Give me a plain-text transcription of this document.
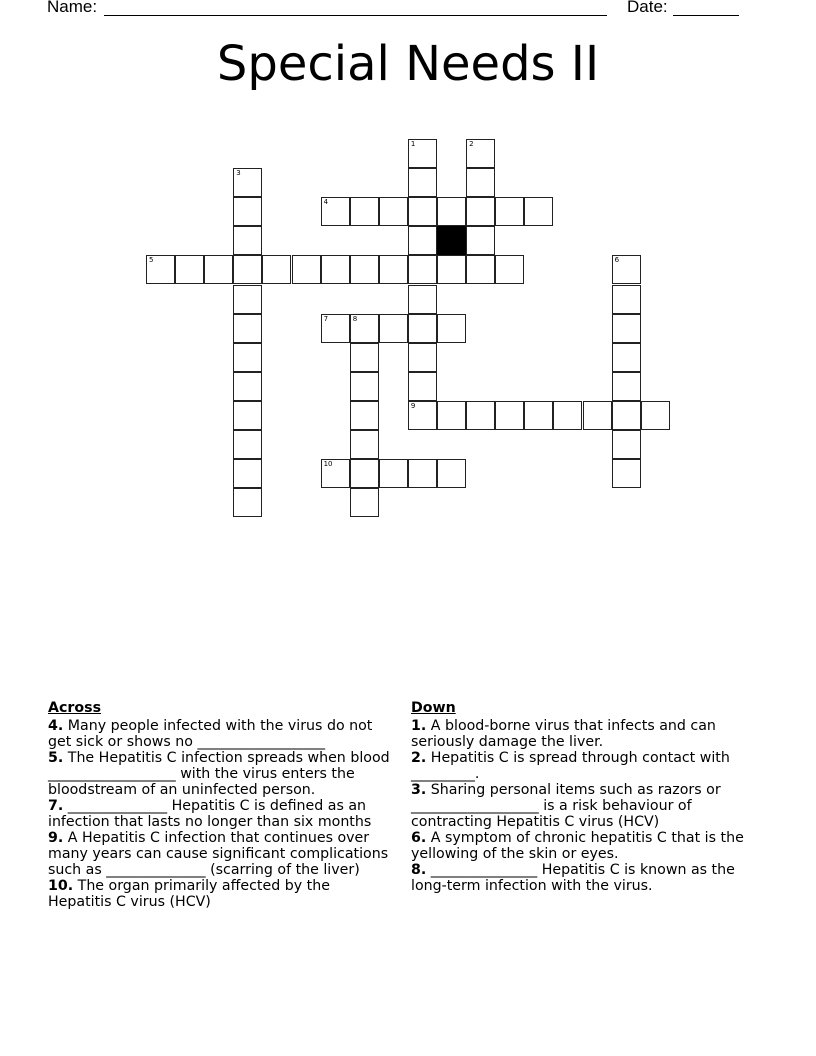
Name:	Date:
Special Needs II
1
9
2
3
4
5	6
7	8
10
Across
4. Many people infected with the virus do not get sick or shows no __________________
5. The Hepatitis C infection spreads when blood __________________ with the virus enters the bloodstream of an uninfected person.
7. ______________ Hepatitis C is defined as an infection that lasts no longer than six months
9. A Hepatitis C infection that continues over many years can cause significant complications such as ______________ (scarring of the liver)
10. The organ primarily affected by the Hepatitis C virus (HCV)
Down
1. A blood-borne virus that infects and can seriously damage the liver.
2. Hepatitis C is spread through contact with _________.
3. Sharing personal items such as razors or __________________ is a risk behaviour of contracting Hepatitis C virus (HCV)
6. A symptom of chronic hepatitis C that is the yellowing of the skin or eyes.
8. _______________ Hepatitis C is known as the long-term infection with the virus.
